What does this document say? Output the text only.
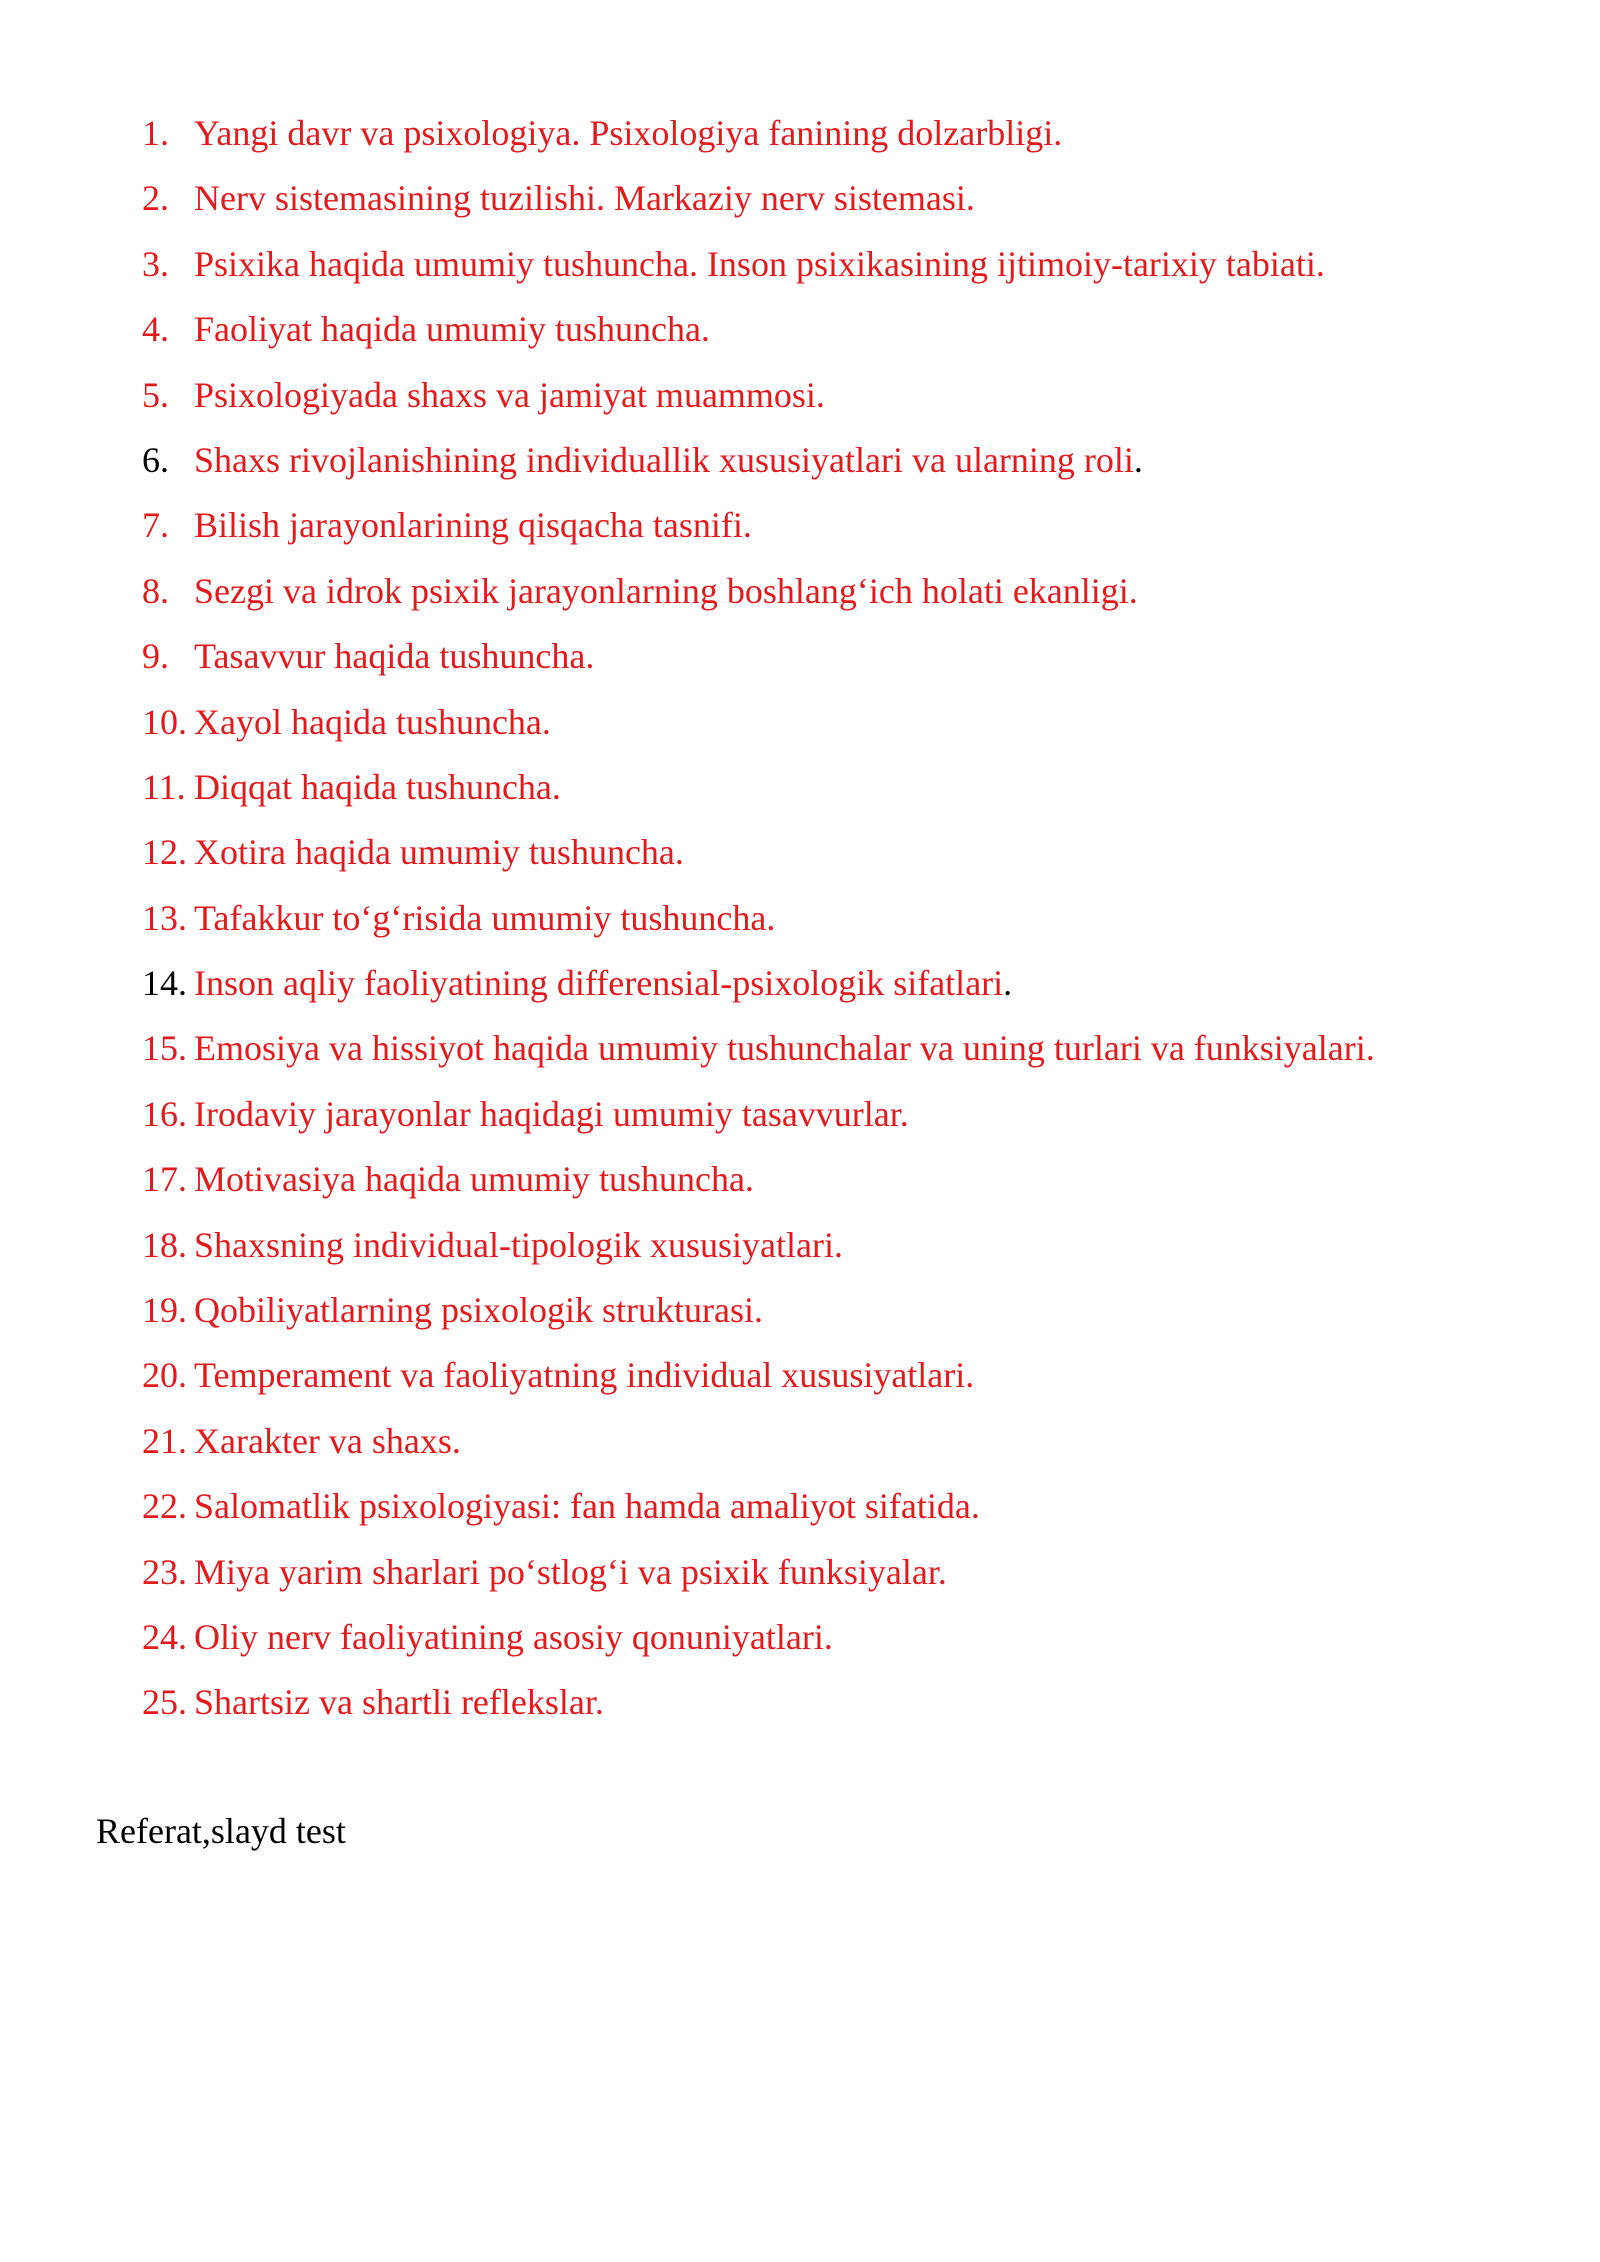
1. Yangi davr va psixologiya. Psixologiya fanining dolzarbligi.
2. Nerv sistemasining tuzilishi. Markaziy nerv sistemasi.
3. Psixika haqida umumiy tushuncha. Inson psixikasining ijtimoiy-tarixiy tabiati.
4. Faoliyat haqida umumiy tushuncha.
5. Psixologiyada shaxs va jamiyat muammosi.
6. Shaxs rivojlanishining individuallik xususiyatlari va ularning roli.
7. Bilish jarayonlarining qisqacha tasnifi.
8. Sezgi va idrok psixik jarayonlarning boshlang‘ich holati ekanligi.
9. Tasavvur haqida tushuncha.
10. Xayol haqida tushuncha.
11. Diqqat haqida tushuncha.
12. Xotira haqida umumiy tushuncha.
13. Tafakkur to‘g‘risida umumiy tushuncha.
14. Inson aqliy faoliyatining differensial-psixologik sifatlari.
15. Emosiya va hissiyot haqida umumiy tushunchalar va uning turlari va funksiyalari.
16. Irodaviy jarayonlar haqidagi umumiy tasavvurlar.
17. Motivasiya haqida umumiy tushuncha.
18. Shaxsning individual-tipologik xususiyatlari.
19. Qobiliyatlarning psixologik strukturasi.
20. Temperament va faoliyatning individual xususiyatlari.
21. Xarakter va shaxs.
22. Salomatlik psixologiyasi: fan hamda amaliyot sifatida.
23. Miya yarim sharlari po‘stlog‘i va psixik funksiyalar.
24. Oliy nerv faoliyatining asosiy qonuniyatlari.
25. Shartsiz va shartli reflekslar.
Referat,slayd test
